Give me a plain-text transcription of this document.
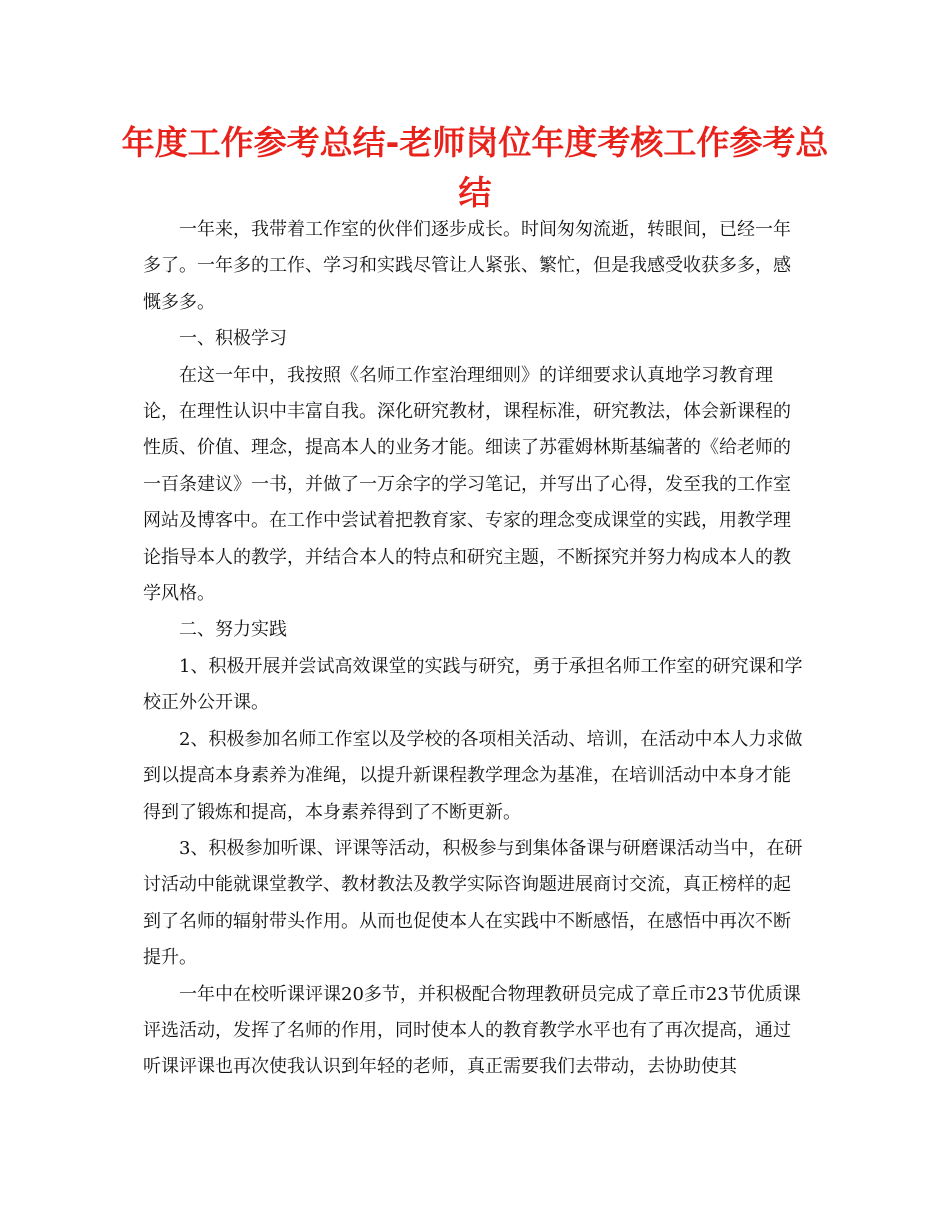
年度工作参考总结-老师岗位年度考核工作参考总结

一年来，我带着工作室的伙伴们逐步成长。时间匆匆流逝，转眼间，已经一年多了。一年多的工作、学习和实践尽管让人紧张、繁忙，但是我感受收获多多，感慨多多。

一、积极学习

在这一年中，我按照《名师工作室治理细则》的详细要求认真地学习教育理论，在理性认识中丰富自我。深化研究教材，课程标准，研究教法，体会新课程的性质、价值、理念，提高本人的业务才能。细读了苏霍姆林斯基编著的《给老师的一百条建议》一书，并做了一万余字的学习笔记，并写出了心得，发至我的工作室网站及博客中。在工作中尝试着把教育家、专家的理念变成课堂的实践，用教学理论指导本人的教学，并结合本人的特点和研究主题，不断探究并努力构成本人的教学风格。

二、努力实践

1、积极开展并尝试高效课堂的实践与研究，勇于承担名师工作室的研究课和学校正外公开课。

2、积极参加名师工作室以及学校的各项相关活动、培训，在活动中本人力求做到以提高本身素养为准绳，以提升新课程教学理念为基准，在培训活动中本身才能得到了锻炼和提高，本身素养得到了不断更新。

3、积极参加听课、评课等活动，积极参与到集体备课与研磨课活动当中，在研讨活动中能就课堂教学、教材教法及教学实际咨询题进展商讨交流，真正榜样的起到了名师的辐射带头作用。从而也促使本人在实践中不断感悟，在感悟中再次不断提升。

一年中在校听课评课20多节，并积极配合物理教研员完成了章丘市23节优质课评选活动，发挥了名师的作用，同时使本人的教育教学水平也有了再次提高，通过听课评课也再次使我认识到年轻的老师，真正需要我们去带动，去协助使其
